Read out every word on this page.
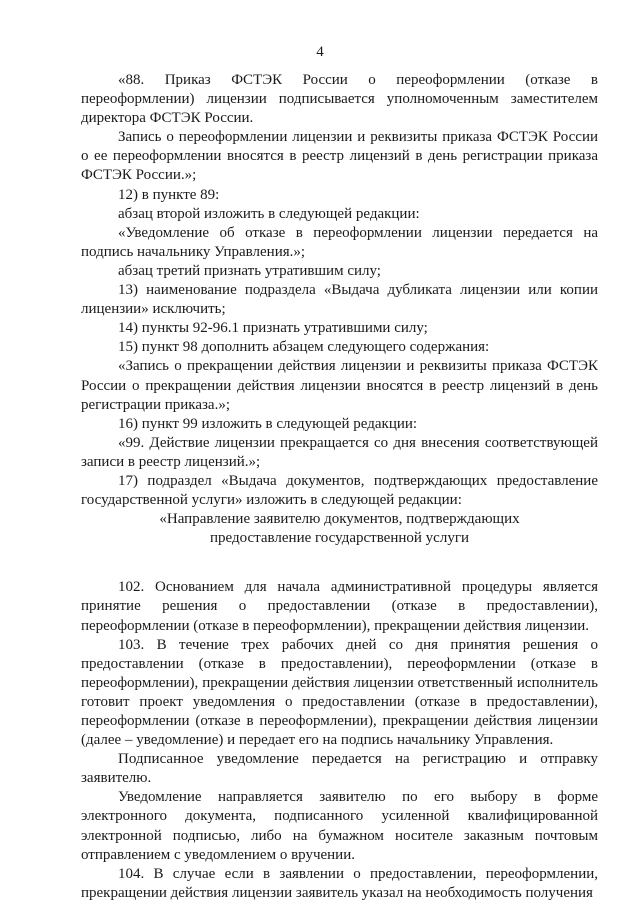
4

«88. Приказ ФСТЭК России о переоформлении (отказе в переоформлении) лицензии подписывается уполномоченным заместителем директора ФСТЭК России.

Запись о переоформлении лицензии и реквизиты приказа ФСТЭК России о ее переоформлении вносятся в реестр лицензий в день регистрации приказа ФСТЭК России.»;

12) в пункте 89:

абзац второй изложить в следующей редакции:

«Уведомление об отказе в переоформлении лицензии передается на подпись начальнику Управления.»;

абзац третий признать утратившим силу;

13) наименование подраздела «Выдача дубликата лицензии или копии лицензии» исключить;

14) пункты 92-96.1 признать утратившими силу;

15) пункт 98 дополнить абзацем следующего содержания:

«Запись о прекращении действия лицензии и реквизиты приказа ФСТЭК России о прекращении действия лицензии вносятся в реестр лицензий в день регистрации приказа.»;

16) пункт 99 изложить в следующей редакции:

«99. Действие лицензии прекращается со дня внесения соответствующей записи в реестр лицензий.»;

17) подраздел «Выдача документов, подтверждающих предоставление государственной услуги» изложить в следующей редакции:

«Направление заявителю документов, подтверждающих предоставление государственной услуги

102. Основанием для начала административной процедуры является принятие решения о предоставлении (отказе в предоставлении), переоформлении (отказе в переоформлении), прекращении действия лицензии.

103. В течение трех рабочих дней со дня принятия решения о предоставлении (отказе в предоставлении), переоформлении (отказе в переоформлении), прекращении действия лицензии ответственный исполнитель готовит проект уведомления о предоставлении (отказе в предоставлении), переоформлении (отказе в переоформлении), прекращении действия лицензии (далее – уведомление) и передает его на подпись начальнику Управления.

Подписанное уведомление передается на регистрацию и отправку заявителю.

Уведомление направляется заявителю по его выбору в форме электронного документа, подписанного усиленной квалифицированной электронной подписью, либо на бумажном носителе заказным почтовым отправлением с уведомлением о вручении.

104. В случае если в заявлении о предоставлении, переоформлении, прекращении действия лицензии заявитель указал на необходимость получения
